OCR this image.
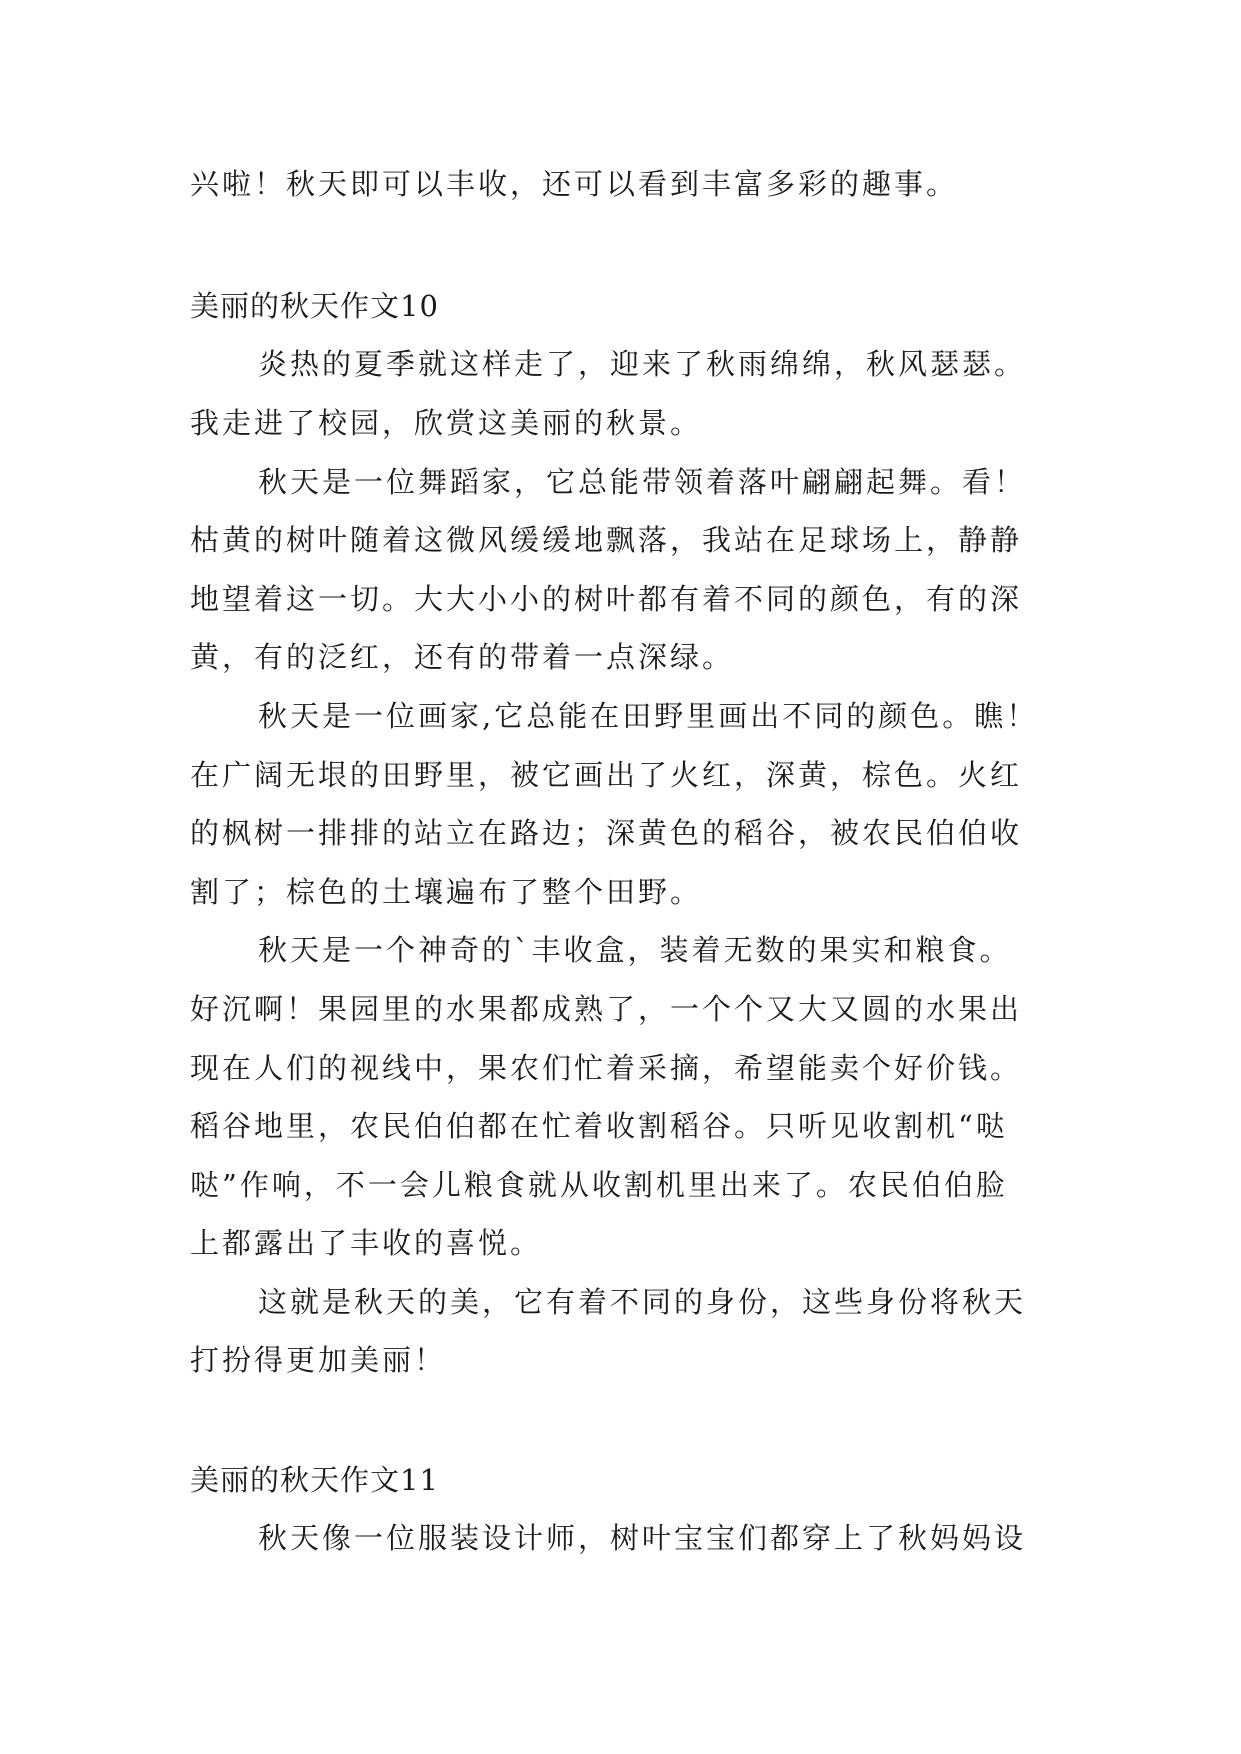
兴啦！秋天即可以丰收，还可以看到丰富多彩的趣事。
美丽的秋天作文10
炎热的夏季就这样走了，迎来了秋雨绵绵，秋风瑟瑟。
我走进了校园，欣赏这美丽的秋景。
秋天是一位舞蹈家，它总能带领着落叶翩翩起舞。看！
枯黄的树叶随着这微风缓缓地飘落，我站在足球场上，静静
地望着这一切。大大小小的树叶都有着不同的颜色，有的深
黄，有的泛红，还有的带着一点深绿。
秋天是一位画家,它总能在田野里画出不同的颜色。瞧！
在广阔无垠的田野里，被它画出了火红，深黄，棕色。火红
的枫树一排排的站立在路边；深黄色的稻谷，被农民伯伯收
割了；棕色的土壤遍布了整个田野。
秋天是一个神奇的`丰收盒，装着无数的果实和粮食。
好沉啊！果园里的水果都成熟了，一个个又大又圆的水果出
现在人们的视线中，果农们忙着采摘，希望能卖个好价钱。
稻谷地里，农民伯伯都在忙着收割稻谷。只听见收割机“哒
哒”作响，不一会儿粮食就从收割机里出来了。农民伯伯脸
上都露出了丰收的喜悦。
这就是秋天的美，它有着不同的身份，这些身份将秋天
打扮得更加美丽！
美丽的秋天作文11
秋天像一位服装设计师，树叶宝宝们都穿上了秋妈妈设
